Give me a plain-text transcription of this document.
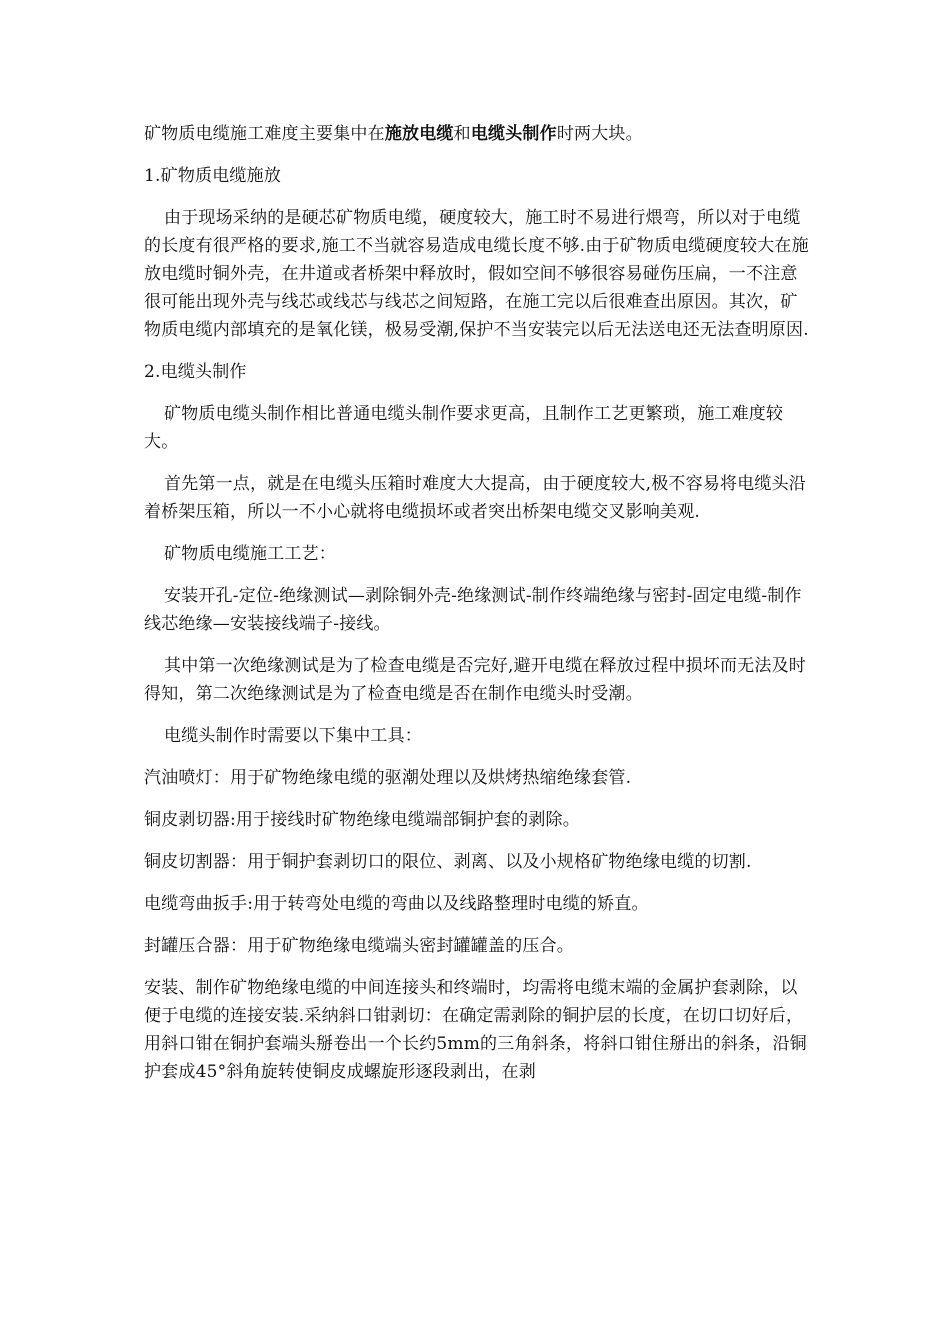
矿物质电缆施工难度主要集中在施放电缆和电缆头制作时两大块。

1.矿物质电缆施放

由于现场采纳的是硬芯矿物质电缆，硬度较大，施工时不易进行煨弯，所以对于电缆的长度有很严格的要求,施工不当就容易造成电缆长度不够.由于矿物质电缆硬度较大在施放电缆时铜外壳，在井道或者桥架中释放时，假如空间不够很容易碰伤压扁，一不注意很可能出现外壳与线芯或线芯与线芯之间短路，在施工完以后很难查出原因。其次，矿物质电缆内部填充的是氧化镁，极易受潮,保护不当安装完以后无法送电还无法查明原因.

2.电缆头制作

矿物质电缆头制作相比普通电缆头制作要求更高，且制作工艺更繁琐，施工难度较大。

首先第一点，就是在电缆头压箱时难度大大提高，由于硬度较大,极不容易将电缆头沿着桥架压箱，所以一不小心就将电缆损坏或者突出桥架电缆交叉影响美观.

矿物质电缆施工工艺：

安装开孔-定位-绝缘测试—剥除铜外壳-绝缘测试-制作终端绝缘与密封-固定电缆-制作线芯绝缘—安装接线端子-接线。

其中第一次绝缘测试是为了检查电缆是否完好,避开电缆在释放过程中损坏而无法及时得知，第二次绝缘测试是为了检查电缆是否在制作电缆头时受潮。

电缆头制作时需要以下集中工具：

汽油喷灯：用于矿物绝缘电缆的驱潮处理以及烘烤热缩绝缘套管.

铜皮剥切器:用于接线时矿物绝缘电缆端部铜护套的剥除。

铜皮切割器：用于铜护套剥切口的限位、剥离、以及小规格矿物绝缘电缆的切割.

电缆弯曲扳手:用于转弯处电缆的弯曲以及线路整理时电缆的矫直。

封罐压合器：用于矿物绝缘电缆端头密封罐罐盖的压合。

安装、制作矿物绝缘电缆的中间连接头和终端时，均需将电缆末端的金属护套剥除，以便于电缆的连接安装.采纳斜口钳剥切：在确定需剥除的铜护层的长度，在切口切好后，用斜口钳在铜护套端头掰卷出一个长约5mm的三角斜条，将斜口钳住掰出的斜条，沿铜护套成45°斜角旋转使铜皮成螺旋形逐段剥出，在剥
